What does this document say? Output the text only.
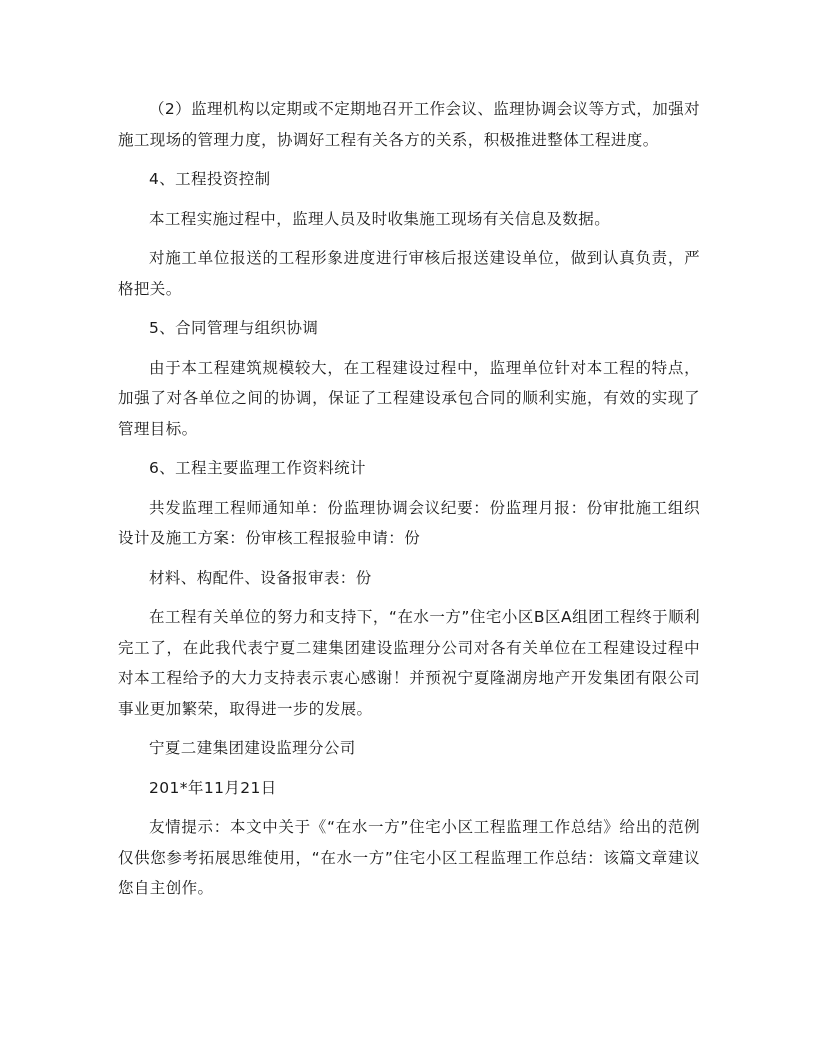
（2）监理机构以定期或不定期地召开工作会议、监理协调会议等方式，加强对施工现场的管理力度，协调好工程有关各方的关系，积极推进整体工程进度。

4、工程投资控制

本工程实施过程中，监理人员及时收集施工现场有关信息及数据。

对施工单位报送的工程形象进度进行审核后报送建设单位，做到认真负责，严格把关。

5、合同管理与组织协调

由于本工程建筑规模较大，在工程建设过程中，监理单位针对本工程的特点，加强了对各单位之间的协调，保证了工程建设承包合同的顺利实施，有效的实现了管理目标。

6、工程主要监理工作资料统计

共发监理工程师通知单：份监理协调会议纪要：份监理月报：份审批施工组织设计及施工方案：份审核工程报验申请：份

材料、构配件、设备报审表：份

在工程有关单位的努力和支持下，“在水一方”住宅小区B区A组团工程终于顺利完工了，在此我代表宁夏二建集团建设监理分公司对各有关单位在工程建设过程中对本工程给予的大力支持表示衷心感谢！并预祝宁夏隆湖房地产开发集团有限公司事业更加繁荣，取得进一步的发展。

宁夏二建集团建设监理分公司

201*年11月21日

友情提示：本文中关于《“在水一方”住宅小区工程监理工作总结》给出的范例仅供您参考拓展思维使用，“在水一方”住宅小区工程监理工作总结：该篇文章建议您自主创作。
